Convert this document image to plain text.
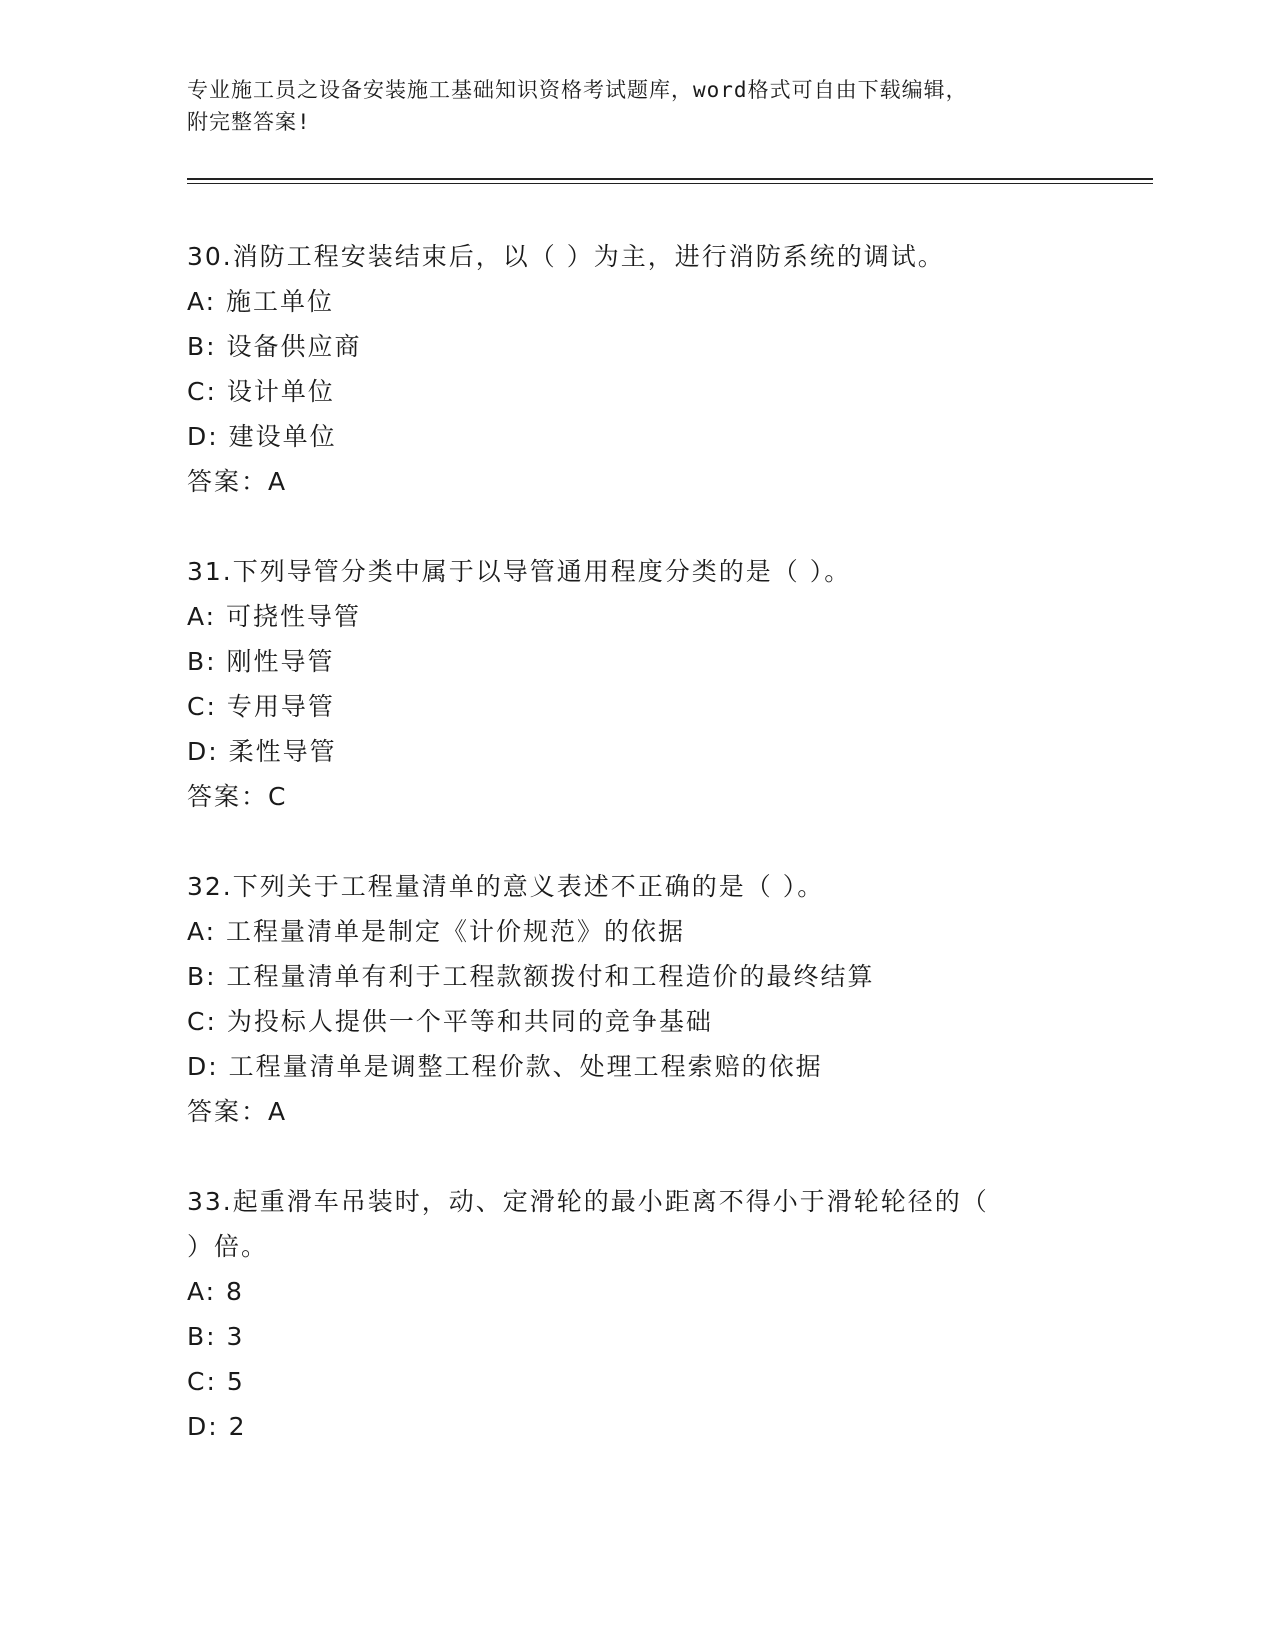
专业施工员之设备安装施工基础知识资格考试题库，word格式可自由下载编辑，
附完整答案!
30.消防工程安装结束后，以（ ）为主，进行消防系统的调试。
A: 施工单位
B: 设备供应商
C: 设计单位
D: 建设单位
答案：A
31.下列导管分类中属于以导管通用程度分类的是（ ）。
A: 可挠性导管
B: 刚性导管
C: 专用导管
D: 柔性导管
答案：C
32.下列关于工程量清单的意义表述不正确的是（ ）。
A: 工程量清单是制定《计价规范》的依据
B: 工程量清单有利于工程款额拨付和工程造价的最终结算
C: 为投标人提供一个平等和共同的竞争基础
D: 工程量清单是调整工程价款、处理工程索赔的依据
答案：A
33.起重滑车吊装时，动、定滑轮的最小距离不得小于滑轮轮径的（
）倍。
A: 8
B: 3
C: 5
D: 2
